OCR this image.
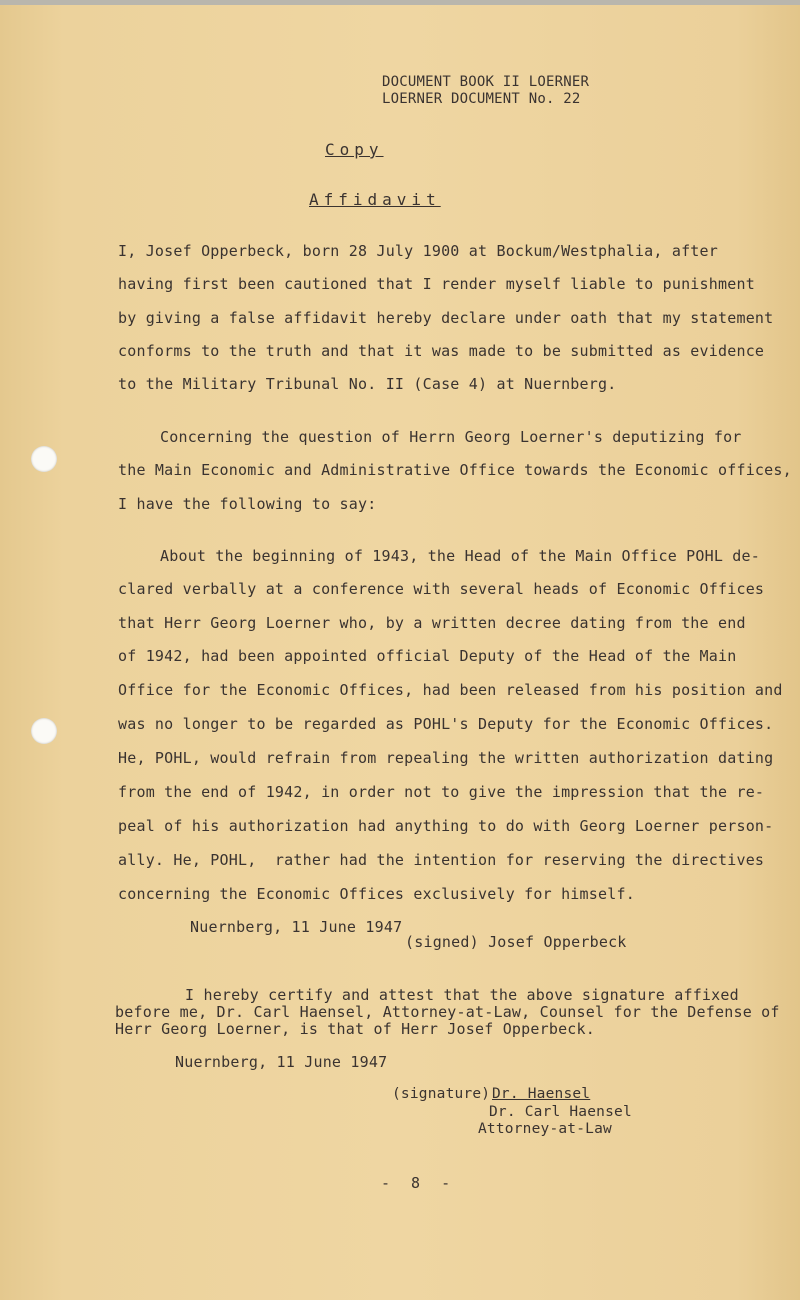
DOCUMENT BOOK II LOERNER
LOERNER DOCUMENT No. 22
Copy
Affidavit
I, Josef Opperbeck, born 28 July 1900 at Bockum/Westphalia, after
having first been cautioned that I render myself liable to punishment
by giving a false affidavit hereby declare under oath that my statement
conforms to the truth and that it was made to be submitted as evidence
to the Military Tribunal No. II (Case 4) at Nuernberg.
Concerning the question of Herrn Georg Loerner's deputizing for
the Main Economic and Administrative Office towards the Economic offices,
I have the following to say:
About the beginning of 1943, the Head of the Main Office POHL de-
clared verbally at a conference with several heads of Economic Offices
that Herr Georg Loerner who, by a written decree dating from the end
of 1942, had been appointed official Deputy of the Head of the Main
Office for the Economic Offices, had been released from his position and
was no longer to be regarded as POHL's Deputy for the Economic Offices.
He, POHL, would refrain from repealing the written authorization dating
from the end of 1942, in order not to give the impression that the re-
peal of his authorization had anything to do with Georg Loerner person-
ally. He, POHL,  rather had the intention for reserving the directives
concerning the Economic Offices exclusively for himself.
Nuernberg, 11 June 1947
(signed) Josef Opperbeck
I hereby certify and attest that the above signature affixed
before me, Dr. Carl Haensel, Attorney-at-Law, Counsel for the Defense of
Herr Georg Loerner, is that of Herr Josef Opperbeck.
Nuernberg, 11 June 1947
(signature) Dr. Haensel
Dr. Carl Haensel
Attorney-at-Law
- 8 -
